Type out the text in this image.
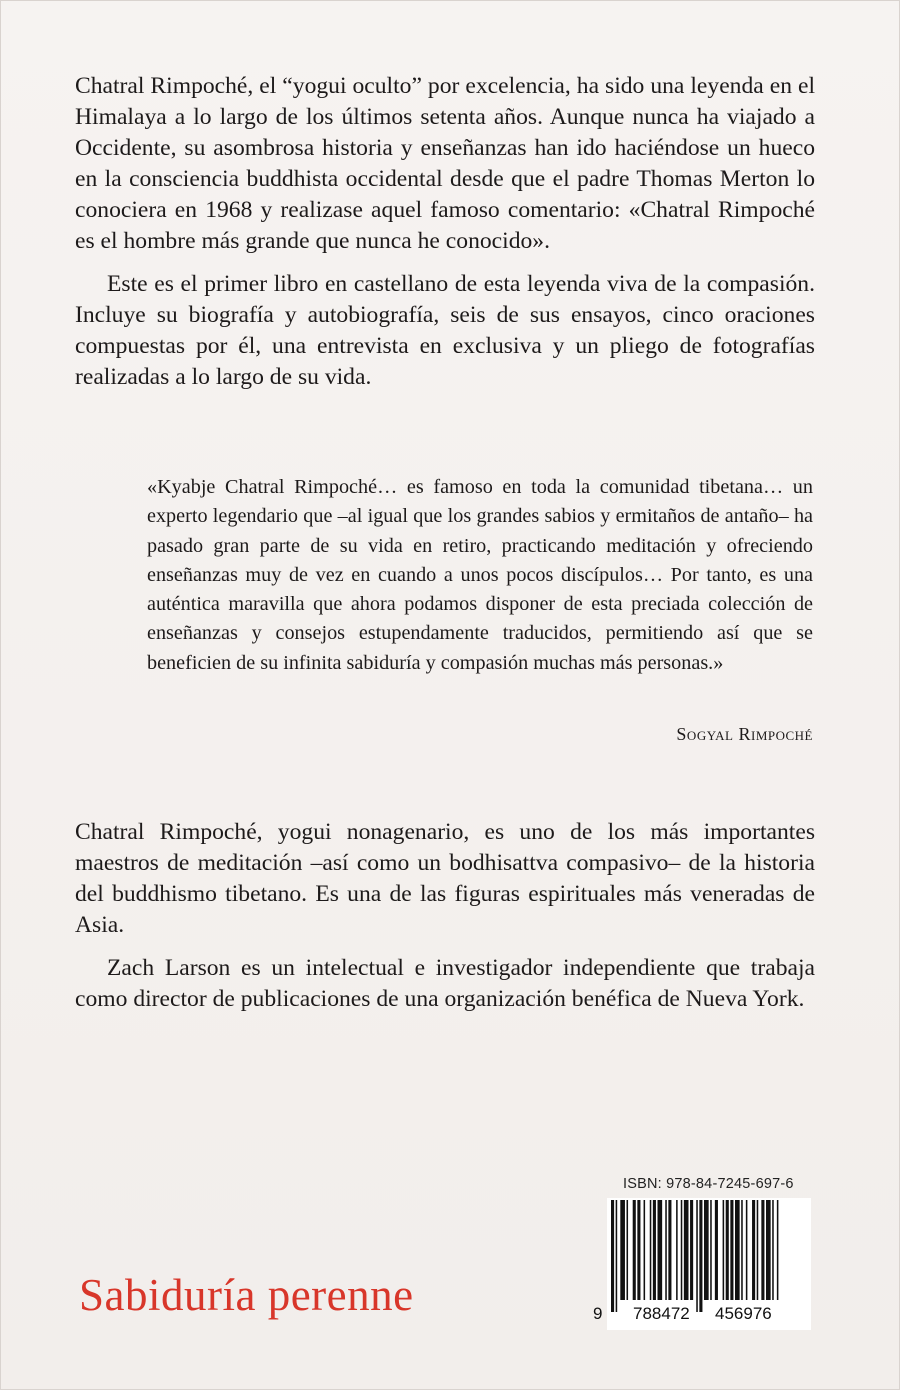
Chatral Rimpoché, el “yogui oculto” por excelencia, ha sido una leyenda en el Himalaya a lo largo de los últimos setenta años. Aunque nunca ha viajado a Occidente, su asombrosa historia y enseñanzas han ido haciéndose un hueco en la consciencia buddhista occidental desde que el padre Thomas Merton lo conociera en 1968 y realizase aquel famoso comentario: «Chatral Rimpoché es el hombre más grande que nunca he conocido».

Este es el primer libro en castellano de esta leyenda viva de la compasión. Incluye su biografía y autobiografía, seis de sus ensayos, cinco oraciones compuestas por él, una entrevista en exclusiva y un pliego de fotografías realizadas a lo largo de su vida.

«Kyabje Chatral Rimpoché… es famoso en toda la comunidad tibetana… un experto legendario que –al igual que los grandes sabios y ermitaños de antaño– ha pasado gran parte de su vida en retiro, practicando meditación y ofreciendo enseñanzas muy de vez en cuando a unos pocos discípulos… Por tanto, es una auténtica maravilla que ahora podamos disponer de esta preciada colección de enseñanzas y consejos estupendamente traducidos, permitiendo así que se beneficien de su infinita sabiduría y compasión muchas más personas.»

Sogyal Rimpoché

Chatral Rimpoché, yogui nonagenario, es uno de los más importantes maestros de meditación –así como un bodhisattva compasivo– de la historia del buddhismo tibetano. Es una de las figuras espirituales más veneradas de Asia.

Zach Larson es un intelectual e investigador independiente que trabaja como director de publicaciones de una organización benéfica de Nueva York.

Sabiduría perenne
ISBN: 978-84-7245-697-6
9 788472 456976
